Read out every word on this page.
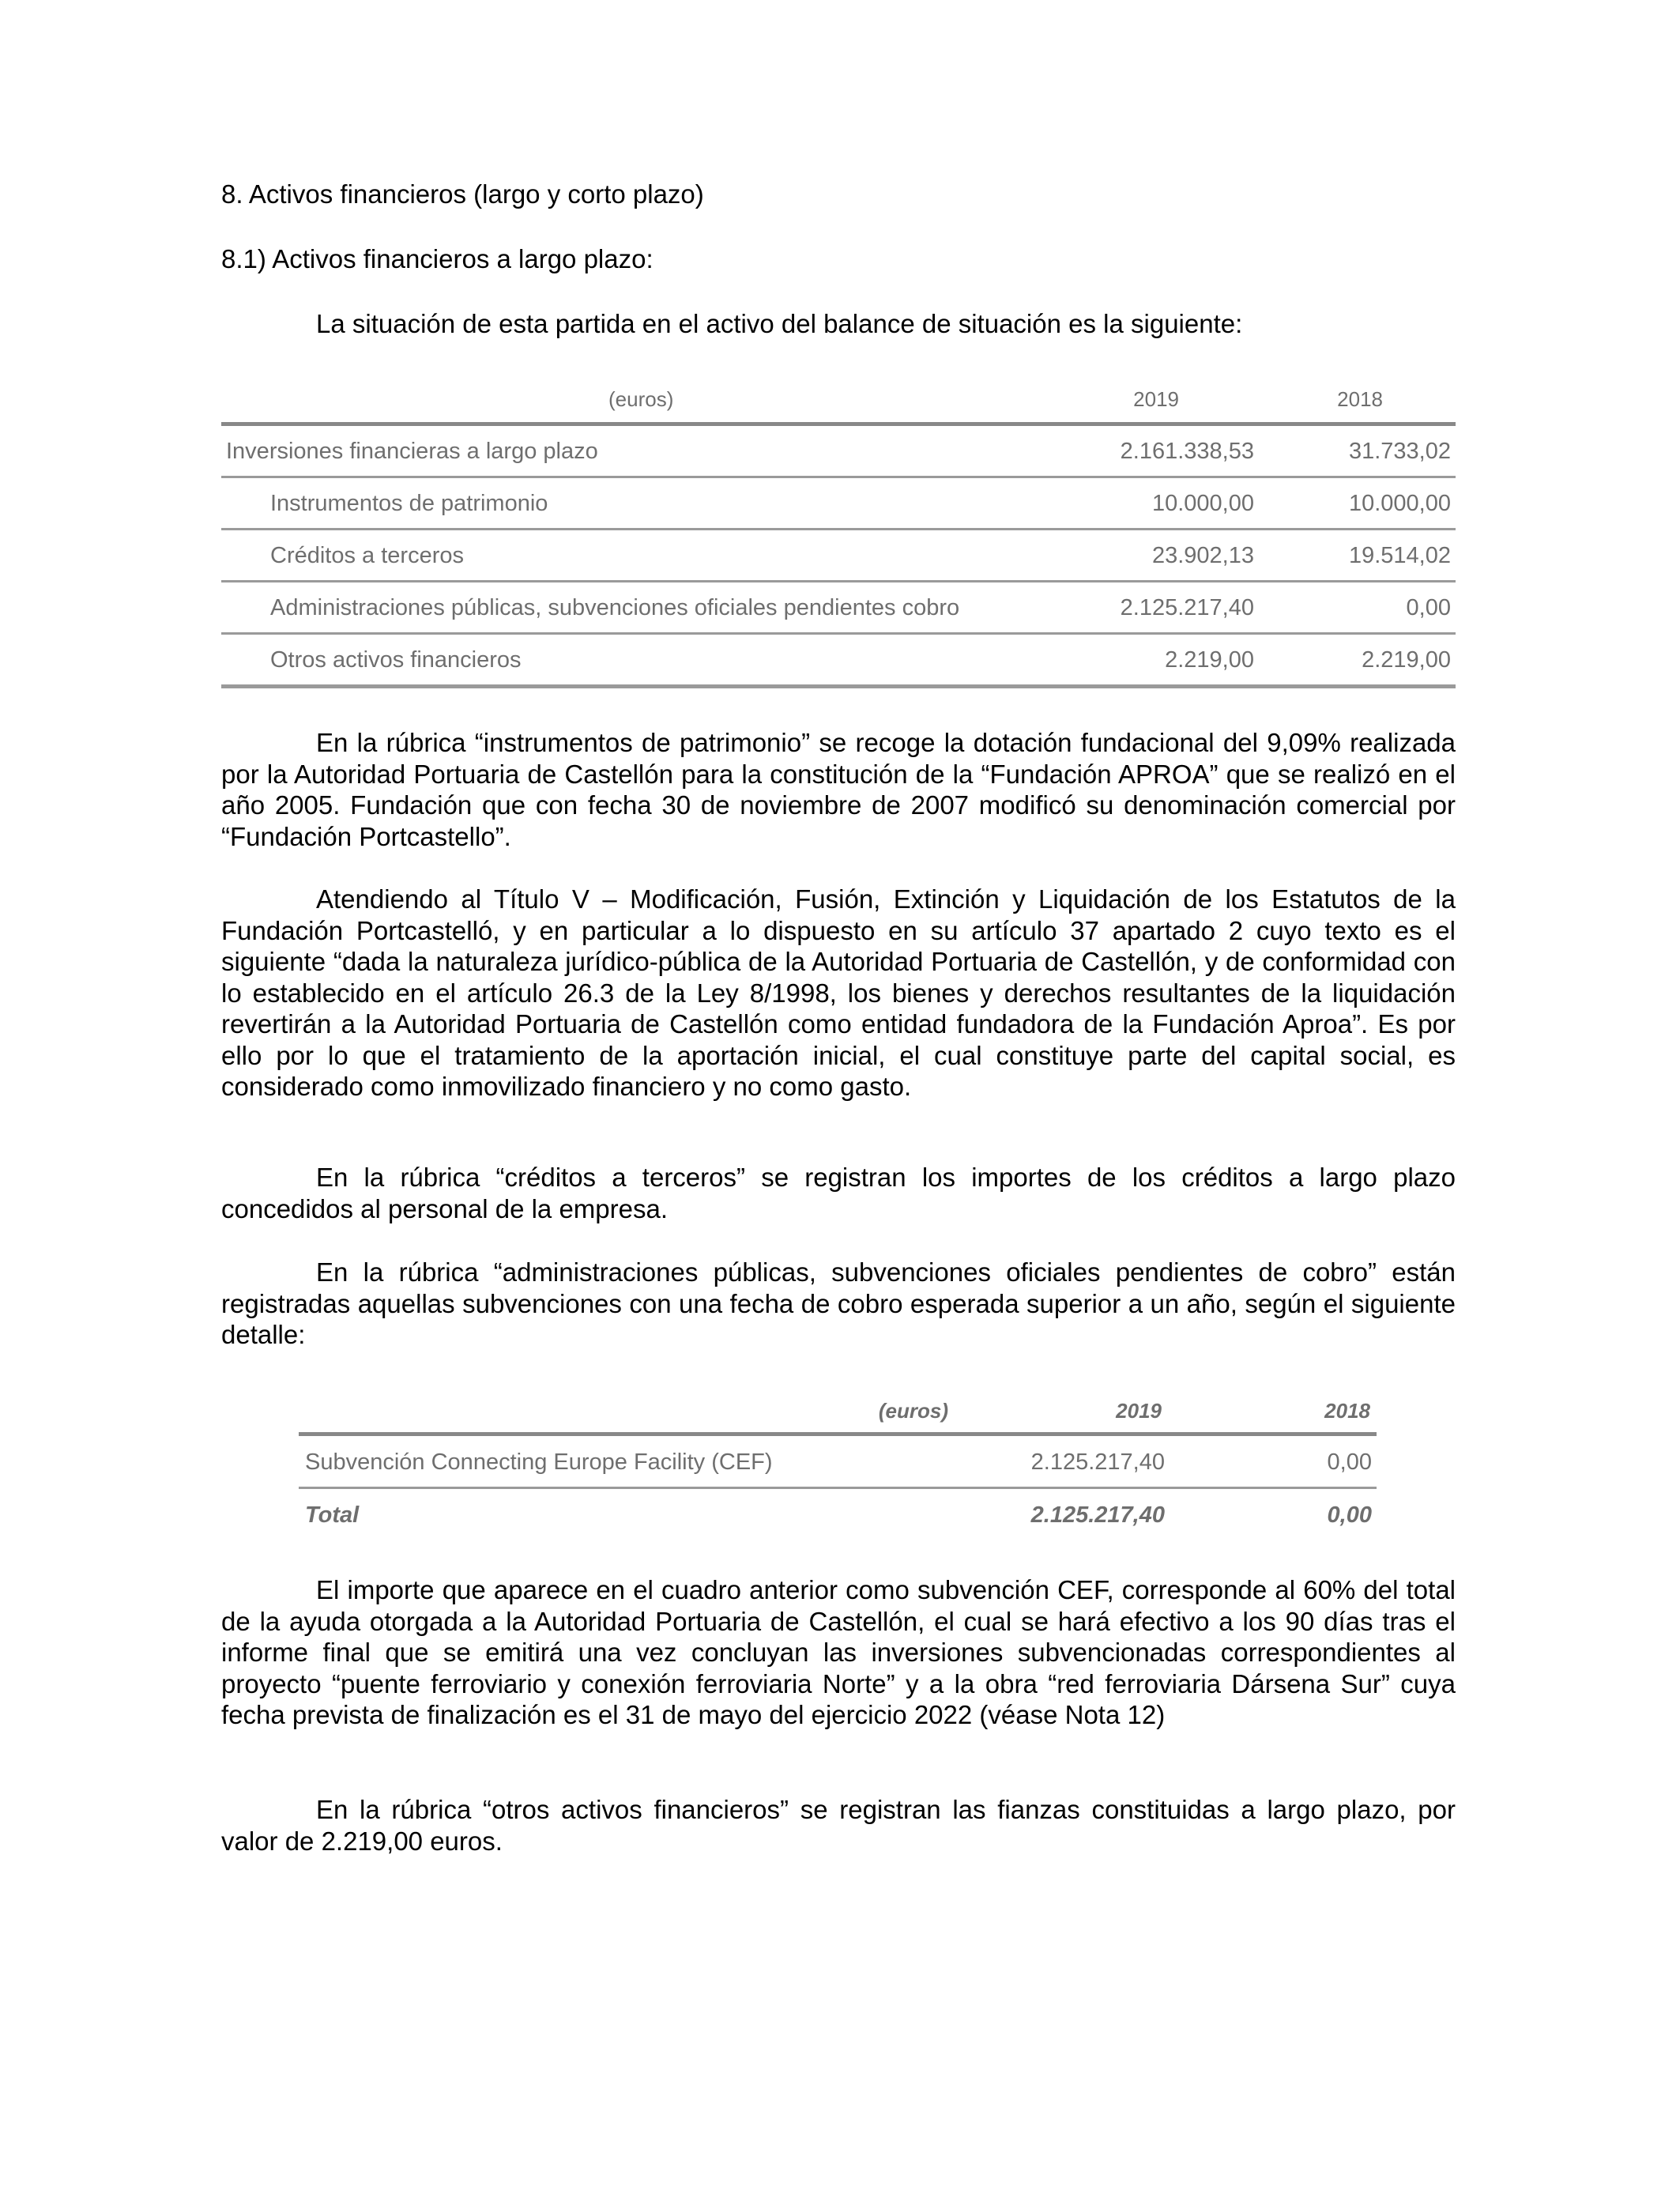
8. Activos financieros (largo y corto plazo)
8.1) Activos financieros a largo plazo:
La situación de esta partida en el activo del balance de situación es la siguiente:
(euros)	2019	2018
Inversiones financieras a largo plazo	2.161.338,53	31.733,02
Instrumentos de patrimonio	10.000,00	10.000,00
Créditos a terceros	23.902,13	19.514,02
Administraciones públicas, subvenciones oficiales pendientes cobro	2.125.217,40	0,00
Otros activos financieros	2.219,00	2.219,00

En la rúbrica “instrumentos de patrimonio” se recoge la dotación fundacional del 9,09% realizada por la Autoridad Portuaria de Castellón para la constitución de la “Fundación APROA” que se realizó en el año 2005. Fundación que con fecha 30 de noviembre de 2007 modificó su denominación comercial por “Fundación Portcastello”.

Atendiendo al Título V – Modificación, Fusión, Extinción y Liquidación de los Estatutos de la Fundación Portcastelló, y en particular a lo dispuesto en su artículo 37 apartado 2 cuyo texto es el siguiente “dada la naturaleza jurídico-pública de la Autoridad Portuaria de Castellón, y de conformidad con lo establecido en el artículo 26.3 de la Ley 8/1998, los bienes y derechos resultantes de la liquidación revertirán a la Autoridad Portuaria de Castellón como entidad fundadora de la Fundación Aproa”. Es por ello por lo que el tratamiento de la aportación inicial, el cual constituye parte del capital social, es considerado como inmovilizado financiero y no como gasto.

En la rúbrica “créditos a terceros” se registran los importes de los créditos a largo plazo concedidos al personal de la empresa.

En la rúbrica “administraciones públicas, subvenciones oficiales pendientes de cobro” están registradas aquellas subvenciones con una fecha de cobro esperada superior a un año, según el siguiente detalle:

(euros)	2019	2018
Subvención Connecting Europe Facility (CEF)	2.125.217,40	0,00
Total	2.125.217,40	0,00

El importe que aparece en el cuadro anterior como subvención CEF, corresponde al 60% del total de la ayuda otorgada a la Autoridad Portuaria de Castellón, el cual se hará efectivo a los 90 días tras el informe final que se emitirá una vez concluyan las inversiones subvencionadas correspondientes al proyecto “puente ferroviario y conexión ferroviaria Norte” y a la obra “red ferroviaria Dársena Sur” cuya fecha prevista de finalización es el 31 de mayo del ejercicio 2022 (véase Nota 12)

En la rúbrica “otros activos financieros” se registran las fianzas constituidas a largo plazo, por valor de 2.219,00 euros.
